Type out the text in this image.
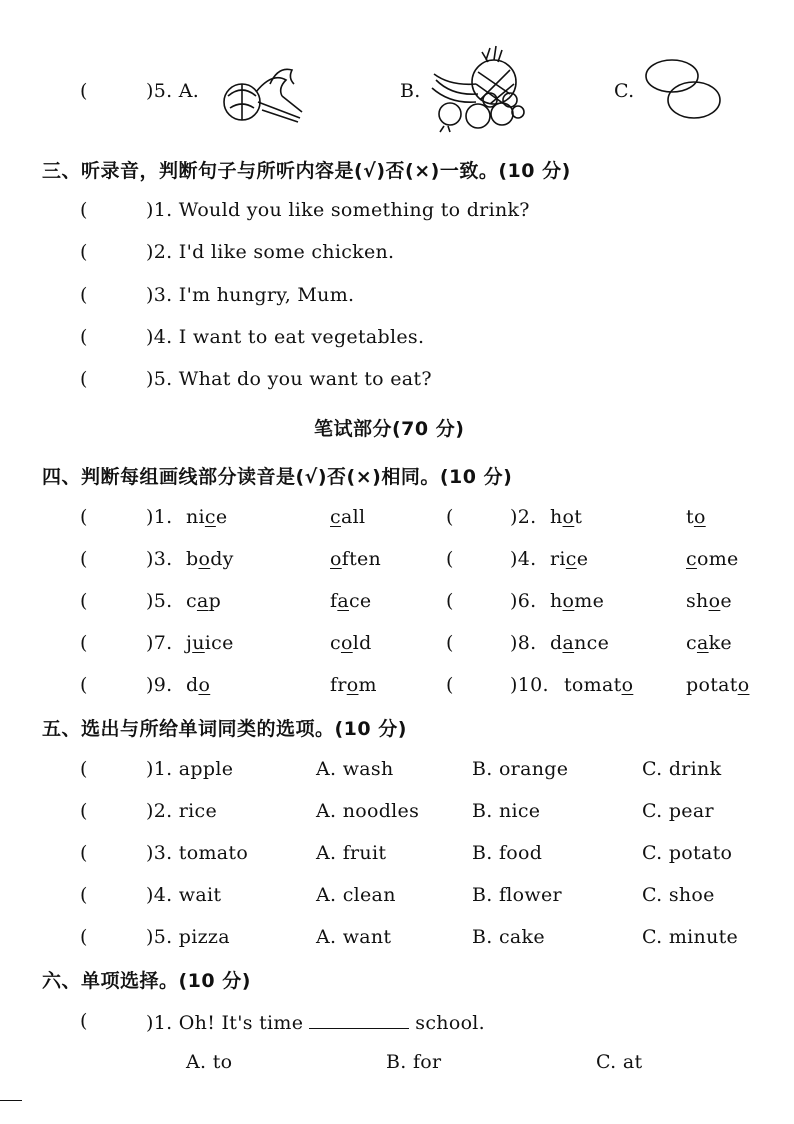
(	)5. A.	B.	C.
三、听录音，判断句子与所听内容是(√)否(×)一致。(10 分)
(	)1. Would you like something to drink?
(	)2. I'd like some chicken.
(	)3. I'm hungry, Mum.
(	)4. I want to eat vegetables.
(	)5. What do you want to eat?
笔试部分(70 分)
四、判断每组画线部分读音是(√)否(×)相同。(10 分)
(	)1. nice	call	(	)2. hot	to
(	)3. body	often	(	)4. rice	come
(	)5. cap	face	(	)6. home	shoe
(	)7. juice	cold	(	)8. dance	cake
(	)9. do	from	(	)10. tomato	potato
五、选出与所给单词同类的选项。(10 分)
(	)1. apple	A. wash	B. orange	C. drink
(	)2. rice	A. noodles	B. nice	C. pear
(	)3. tomato	A. fruit	B. food	C. potato
(	)4. wait	A. clean	B. flower	C. shoe
(	)5. pizza	A. want	B. cake	C. minute
六、单项选择。(10 分)
(	)1. Oh! It's time	school.
A. to	B. for	C. at
